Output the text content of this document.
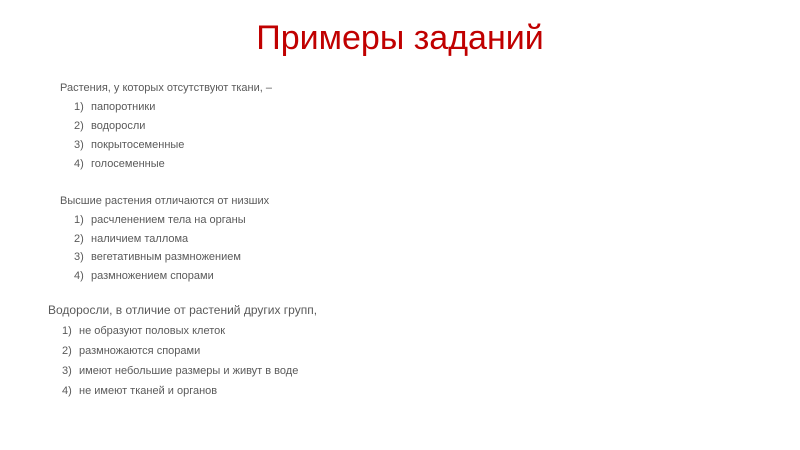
Примеры заданий

Растения, у которых отсутствуют ткани, –

1) папоротники
2) водоросли
3) покрытосеменные
4) голосеменные

Высшие растения отличаются от низших

1) расчленением тела на органы
2) наличием таллома
3) вегетативным размножением
4) размножением спорами

Водоросли, в отличие от растений других групп,

1) не образуют половых клеток
2) размножаются спорами
3) имеют небольшие размеры и живут в воде
4) не имеют тканей и органов
